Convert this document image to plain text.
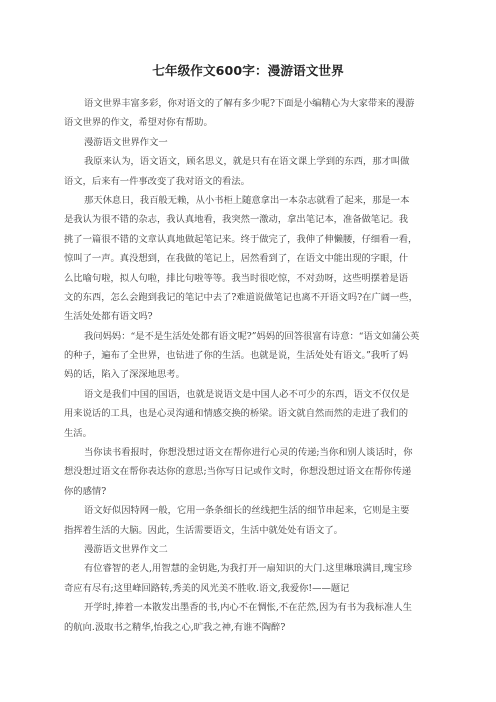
七年级作文600字：漫游语文世界
语文世界丰富多彩，你对语文的了解有多少呢?下面是小编精心为大家带来的漫游
语文世界的作文，希望对你有帮助。
漫游语文世界作文一
我原来认为，语文语文，顾名思义，就是只有在语文课上学到的东西，那才叫做
语文，后来有一件事改变了我对语文的看法。
那天休息日，我百般无赖，从小书柜上随意拿出一本杂志就看了起来，那是一本
是我认为很不错的杂志，我认真地看，我突然一激动，拿出笔记本，准备做笔记。我
挑了一篇很不错的文章认真地做起笔记来。终于做完了，我伸了伸懒腰，仔细看一看，
惊叫了一声。真没想到，在我做的笔记上，居然看到了，在语文中能出现的字眼，什
么比喻句啦，拟人句啦，排比句啦等等。我当时很吃惊，不对劲呀，这些明摆着是语
文的东西，怎么会跑到我记的笔记中去了?难道说做笔记也离不开语文吗?在广阔一些，
生活处处都有语文吗?
我问妈妈：“是不是生活处处都有语文呢?”妈妈的回答很富有诗意：“语文如蒲公英
的种子，遍布了全世界，也钻进了你的生活。也就是说，生活处处有语文。”我听了妈
妈的话，陷入了深深地思考。
语文是我们中国的国语，也就是说语文是中国人必不可少的东西，语文不仅仅是
用来说话的工具，也是心灵沟通和情感交换的桥梁。语文就自然而然的走进了我们的
生活。
当你读书看报时，你想没想过语文在帮你进行心灵的传递;当你和别人谈话时，你
想没想过语文在帮你表达你的意思;当你写日记或作文时，你想没想过语文在帮你传递
你的感情?
语文好似因特网一般，它用一条条细长的丝线把生活的细节串起来，它则是主要
指挥着生活的大脑。因此，生活需要语文，生活中就处处有语文了。
漫游语文世界作文二
有位睿智的老人,用智慧的金钥匙,为我打开一扇知识的大门.这里琳琅满目,瑰宝珍
奇应有尽有;这里峰回路转,秀美的风光美不胜收.语文,我爱你!——题记
开学时,捧着一本散发出墨香的书,内心不在惆怅,不在茫然,因为有书为我标准人生
的航向.汲取书之精华,怡我之心,旷我之神,有谁不陶醉?
